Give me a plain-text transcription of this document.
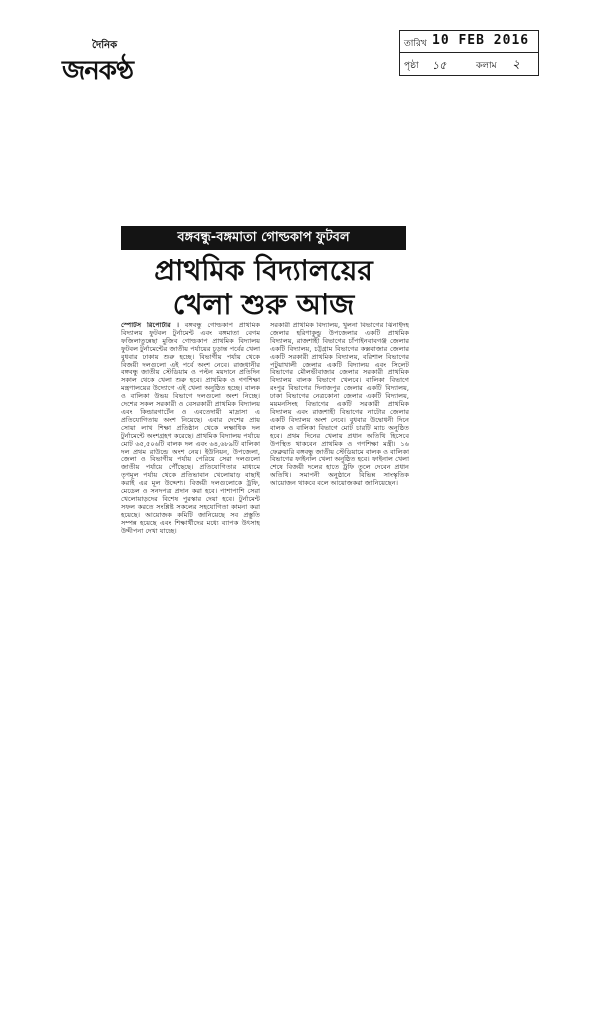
দৈনিক
জনকণ্ঠ
তারিখ 10 FEB 2016
পৃষ্ঠা ১৫	কলাম ২
বঙ্গবন্ধু-বঙ্গমাতা গোল্ডকাপ ফুটবল
প্রাথমিক বিদ্যালয়ের
খেলা শুরু আজ
স্পোর্টস রিপোর্টার । বঙ্গবন্ধু গোল্ডকাপ প্রাথমিক বিদ্যালয় ফুটবল টুর্নামেন্ট এবং বঙ্গমাতা বেগম ফজিলাতুন্নেছা মুজিব গোল্ডকাপ প্রাথমিক বিদ্যালয় ফুটবল টুর্নামেন্টের জাতীয় পর্যায়ের চূড়ান্ত পর্বের খেলা বুধবার ঢাকায় শুরু হচ্ছে। বিভাগীয় পর্যায় থেকে বিজয়ী দলগুলো এই পর্বে অংশ নেবে। রাজধানীর বঙ্গবন্ধু জাতীয় স্টেডিয়াম ও পল্টন ময়দানে প্রতিদিন সকাল থেকে খেলা শুরু হবে। প্রাথমিক ও গণশিক্ষা মন্ত্রণালয়ের উদ্যোগে এই খেলা অনুষ্ঠিত হচ্ছে। বালক ও বালিকা উভয় বিভাগে দলগুলো অংশ নিচ্ছে। দেশের সকল সরকারী ও বেসরকারী প্রাথমিক বিদ্যালয় এবং কিন্ডারগার্টেন ও এবতেদায়ী মাদ্রাসা এ প্রতিযোগিতায় অংশ নিয়েছে। এবার দেশের প্রায় সোয়া লাখ শিক্ষা প্রতিষ্ঠান থেকে লক্ষাধিক দল টুর্নামেন্টে অংশগ্রহণ করেছে। প্রাথমিক বিদ্যালয় পর্যায়ে মোট ৬৫,৫০৬টি বালক দল এবং ৬৪,৬৮৯টি বালিকা দল প্রথম রাউন্ডে অংশ নেয়। ইউনিয়ন, উপজেলা, জেলা ও বিভাগীয় পর্যায় পেরিয়ে সেরা দলগুলো জাতীয় পর্যায়ে পৌঁছেছে। প্রতিযোগিতার মাধ্যমে তৃণমূল পর্যায় থেকে প্রতিভাবান খেলোয়াড় বাছাই করাই এর মূল উদ্দেশ্য। বিজয়ী দলগুলোকে ট্রফি, মেডেল ও সনদপত্র প্রদান করা হবে। পাশাপাশি সেরা খেলোয়াড়দের বিশেষ পুরস্কার দেয়া হবে। টুর্নামেন্ট সফল করতে সংশ্লিষ্ট সকলের সহযোগিতা কামনা করা হয়েছে। আয়োজক কমিটি জানিয়েছে সব প্রস্তুতি সম্পন্ন হয়েছে এবং শিক্ষার্থীদের মধ্যে ব্যাপক উৎসাহ উদ্দীপনা দেখা যাচ্ছে।
সরকারী প্রাথমিক বিদ্যালয়, খুলনা বিভাগের ঝিনাইদহ জেলার হরিণাকুন্ডু উপজেলার একটি প্রাথমিক বিদ্যালয়, রাজশাহী বিভাগের চাঁপাইনবাবগঞ্জ জেলার একটি বিদ্যালয়, চট্টগ্রাম বিভাগের কক্সবাজার জেলার একটি সরকারী প্রাথমিক বিদ্যালয়, বরিশাল বিভাগের পটুয়াখালী জেলার একটি বিদ্যালয় এবং সিলেট বিভাগের মৌলভীবাজার জেলার সরকারী প্রাথমিক বিদ্যালয় বালক বিভাগে খেলবে। বালিকা বিভাগে রংপুর বিভাগের দিনাজপুর জেলার একটি বিদ্যালয়, ঢাকা বিভাগের নেত্রকোনা জেলার একটি বিদ্যালয়, ময়মনসিংহ বিভাগের একটি সরকারী প্রাথমিক বিদ্যালয় এবং রাজশাহী বিভাগের নাটোর জেলার একটি বিদ্যালয় অংশ নেবে। বুধবার উদ্বোধনী দিনে বালক ও বালিকা বিভাগে মোট চারটি ম্যাচ অনুষ্ঠিত হবে। প্রথম দিনের খেলায় প্রধান অতিথি হিসেবে উপস্থিত থাকবেন প্রাথমিক ও গণশিক্ষা মন্ত্রী। ১৬ ফেব্রুয়ারি বঙ্গবন্ধু জাতীয় স্টেডিয়ামে বালক ও বালিকা বিভাগের ফাইনাল খেলা অনুষ্ঠিত হবে। ফাইনাল খেলা শেষে বিজয়ী দলের হাতে ট্রফি তুলে দেবেন প্রধান অতিথি। সমাপনী অনুষ্ঠানে বিভিন্ন সাংস্কৃতিক আয়োজন থাকবে বলে আয়োজকরা জানিয়েছেন।
